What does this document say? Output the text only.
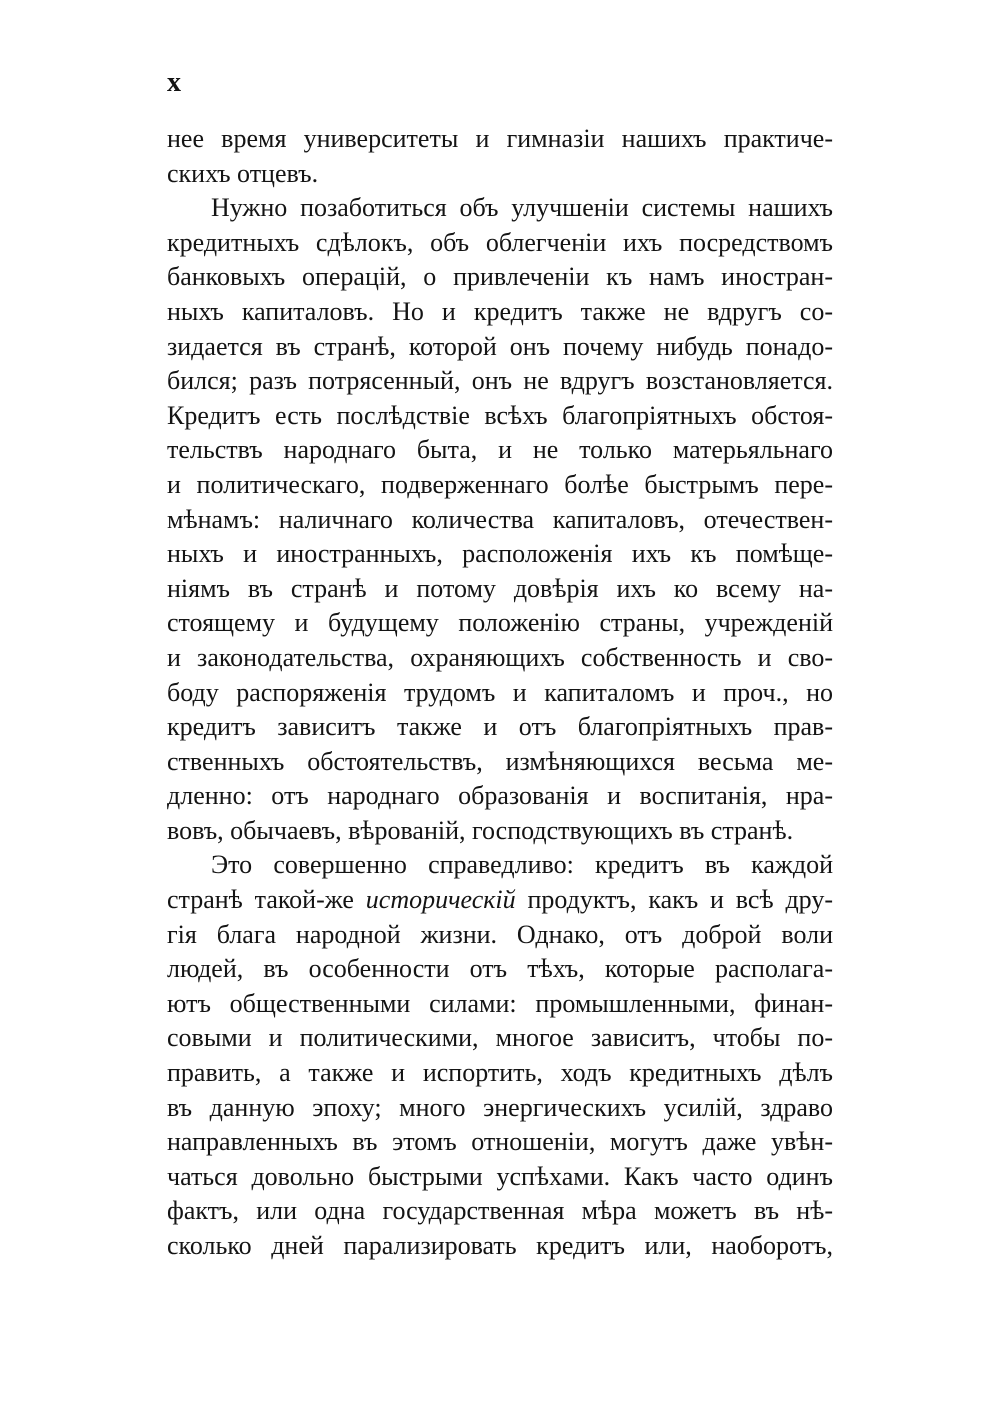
x
нее время университеты и гимназіи нашихъ практиче-
скихъ отцевъ.
Нужно позаботиться объ улучшеніи системы нашихъ
кредитныхъ сдѣлокъ, объ облегченіи ихъ посредствомъ
банковыхъ операцій, о привлеченіи къ намъ иностран-
ныхъ капиталовъ. Но и кредитъ также не вдругъ со-
зидается въ странѣ, которой онъ почему нибудь понадо-
бился; разъ потрясенный, онъ не вдругъ возстановляется.
Кредитъ есть послѣдствіе всѣхъ благопріятныхъ обстоя-
тельствъ народнаго быта, и не только матерьяльнаго
и политическаго, подверженнаго болѣе быстрымъ пере-
мѣнамъ: наличнаго количества капиталовъ, отечествен-
ныхъ и иностранныхъ, расположенія ихъ къ помѣще-
ніямъ въ странѣ и потому довѣрія ихъ ко всему на-
стоящему и будущему положенію страны, учрежденій
и законодательства, охраняющихъ собственность и сво-
боду распоряженія трудомъ и капиталомъ и проч., но
кредитъ зависитъ также и отъ благопріятныхъ прав-
ственныхъ обстоятельствъ, измѣняющихся весьма ме-
дленно: отъ народнаго образованія и воспитанія, нра-
вовъ, обычаевъ, вѣрованій, господствующихъ въ странѣ.
Это совершенно справедливо: кредитъ въ каждой
странѣ такой-же историческій продуктъ, какъ и всѣ дру-
гія блага народной жизни. Однако, отъ доброй воли
людей, въ особенности отъ тѣхъ, которые располага-
ютъ общественными силами: промышленными, финан-
совыми и политическими, многое зависитъ, чтобы по-
править, а также и испортить, ходъ кредитныхъ дѣлъ
въ данную эпоху; много энергическихъ усилій, здраво
направленныхъ въ этомъ отношеніи, могутъ даже увѣн-
чаться довольно быстрыми успѣхами. Какъ часто одинъ
фактъ, или одна государственная мѣра можетъ въ нѣ-
сколько дней парализировать кредитъ или, наоборотъ,
